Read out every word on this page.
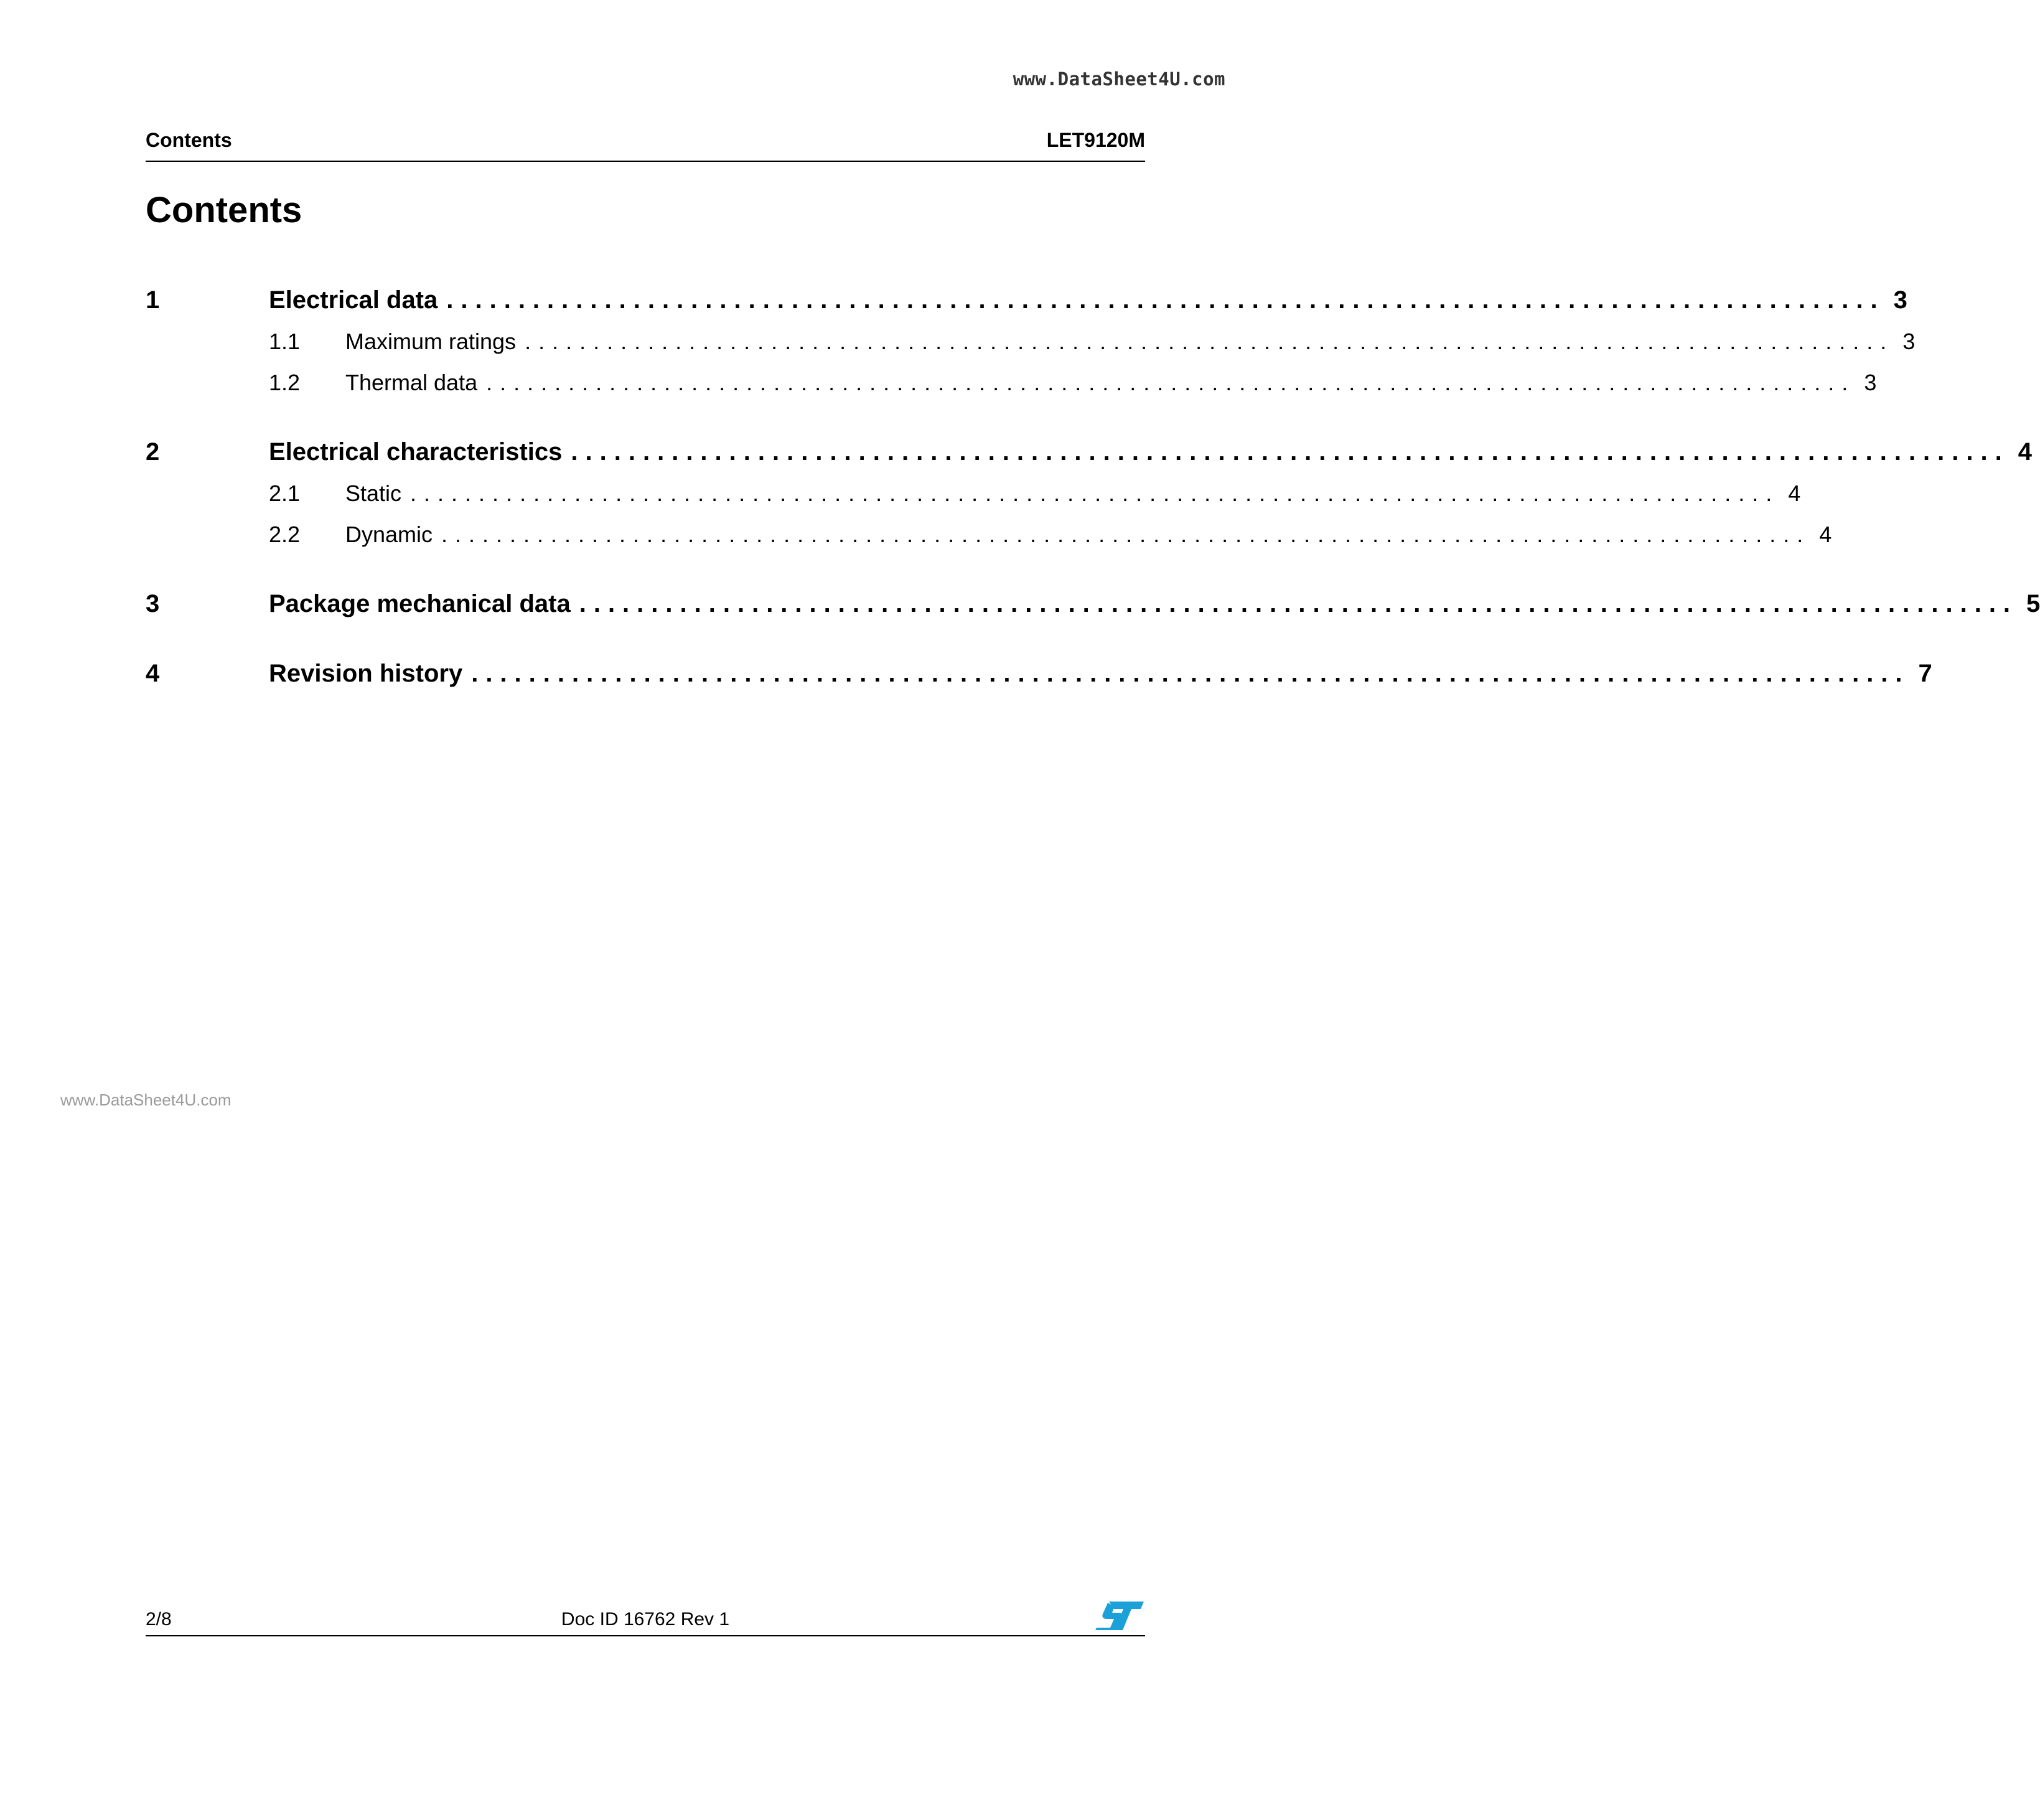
www.DataSheet4U.com
Contents	LET9120M
Contents
1	Electrical data .................................................................................................... 3
1.1 Maximum ratings .................................................................................................... 3
1.2 Thermal data .................................................................................................... 3
2	Electrical characteristics .................................................................................................... 4
2.1 Static .................................................................................................... 4
2.2 Dynamic .................................................................................................... 4
3	Package mechanical data .................................................................................................... 5
4	Revision history .................................................................................................... 7
www.DataSheet4U.com
2/8	Doc ID 16762 Rev 1
